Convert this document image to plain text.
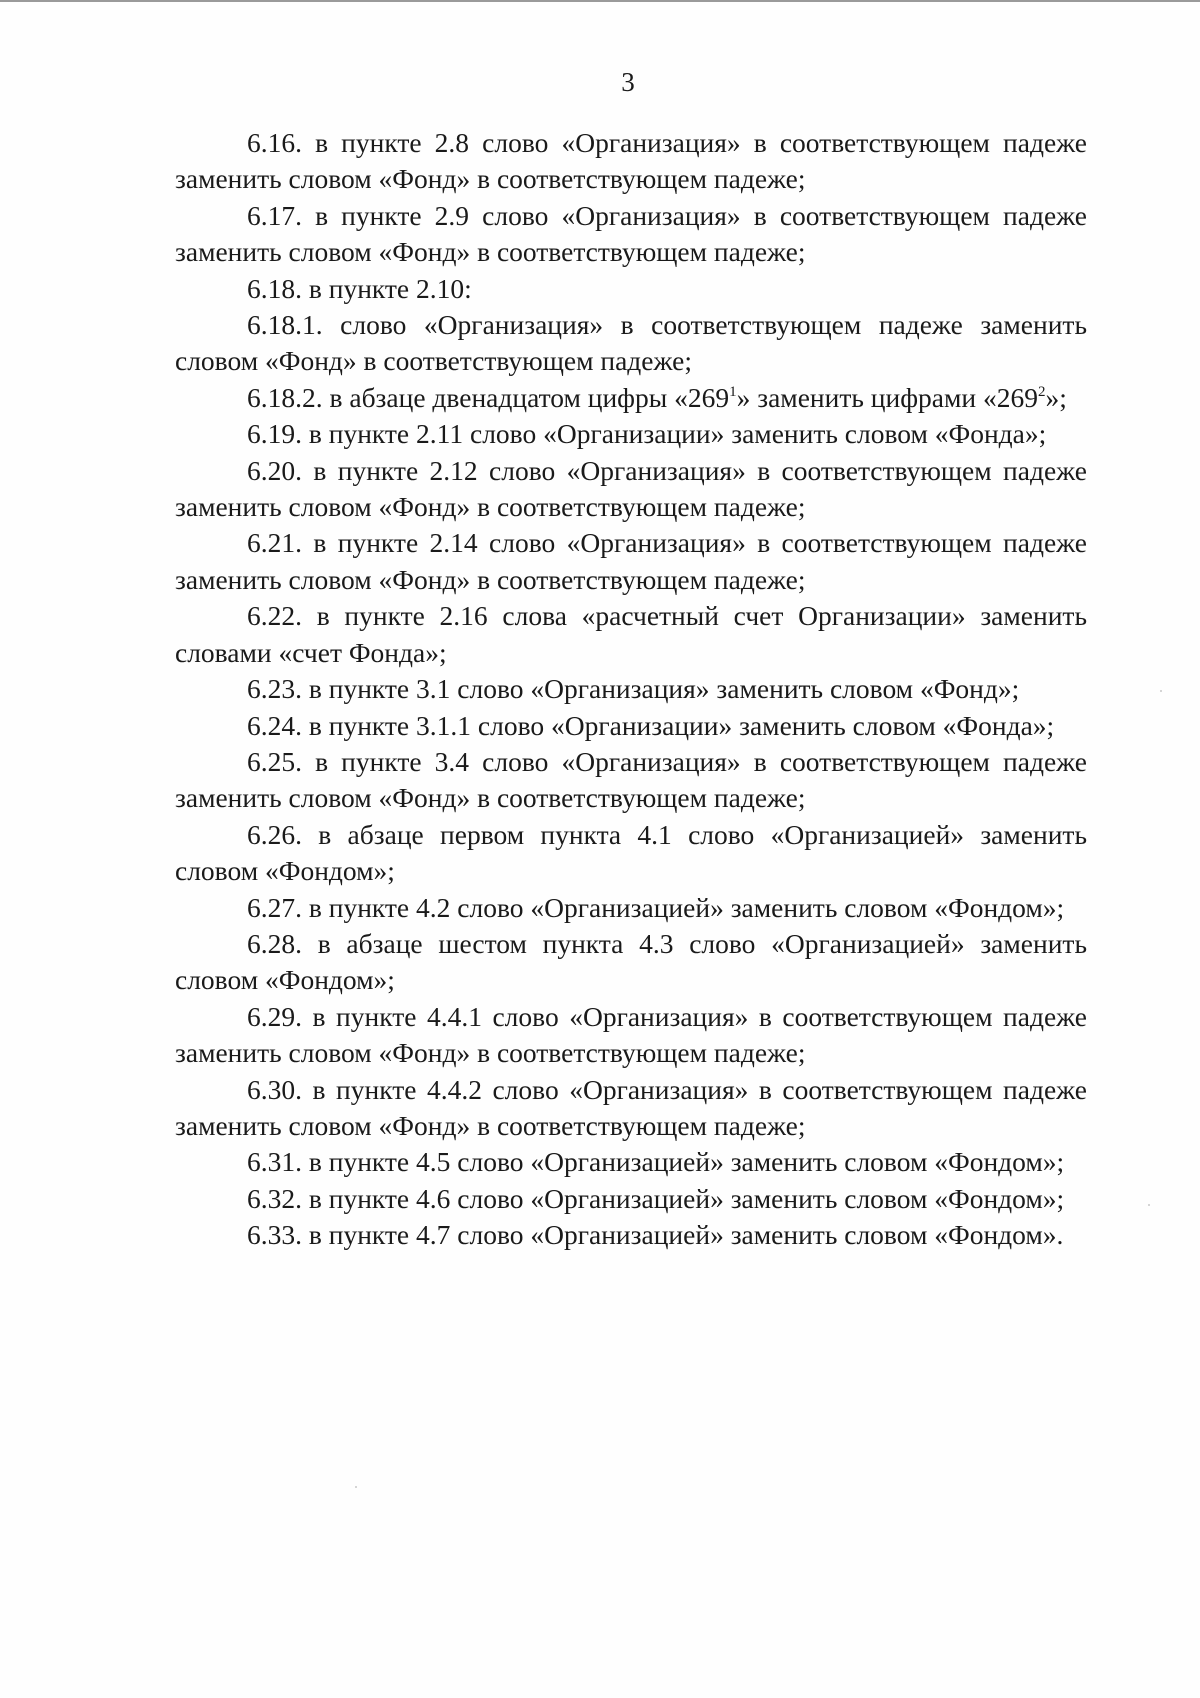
3

6.16. в пункте 2.8 слово «Организация» в соответствующем падеже заменить словом «Фонд» в соответствующем падеже;

6.17. в пункте 2.9 слово «Организация» в соответствующем падеже заменить словом «Фонд» в соответствующем падеже;

6.18. в пункте 2.10:

6.18.1. слово «Организация» в соответствующем падеже заменить словом «Фонд» в соответствующем падеже;

6.18.2. в абзаце двенадцатом цифры «$269^1$» заменить цифрами «$269^2$»;

6.19. в пункте 2.11 слово «Организации» заменить словом «Фонда»;

6.20. в пункте 2.12 слово «Организация» в соответствующем падеже заменить словом «Фонд» в соответствующем падеже;

6.21. в пункте 2.14 слово «Организация» в соответствующем падеже заменить словом «Фонд» в соответствующем падеже;

6.22. в пункте 2.16 слова «расчетный счет Организации» заменить словами «счет Фонда»;

6.23. в пункте 3.1 слово «Организация» заменить словом «Фонд»;

6.24. в пункте 3.1.1 слово «Организации» заменить словом «Фонда»;

6.25. в пункте 3.4 слово «Организация» в соответствующем падеже заменить словом «Фонд» в соответствующем падеже;

6.26. в абзаце первом пункта 4.1 слово «Организацией» заменить словом «Фондом»;

6.27. в пункте 4.2 слово «Организацией» заменить словом «Фондом»;

6.28. в абзаце шестом пункта 4.3 слово «Организацией» заменить словом «Фондом»;

6.29. в пункте 4.4.1 слово «Организация» в соответствующем падеже заменить словом «Фонд» в соответствующем падеже;

6.30. в пункте 4.4.2 слово «Организация» в соответствующем падеже заменить словом «Фонд» в соответствующем падеже;

6.31. в пункте 4.5 слово «Организацией» заменить словом «Фондом»;

6.32. в пункте 4.6 слово «Организацией» заменить словом «Фондом»;

6.33. в пункте 4.7 слово «Организацией» заменить словом «Фондом».
